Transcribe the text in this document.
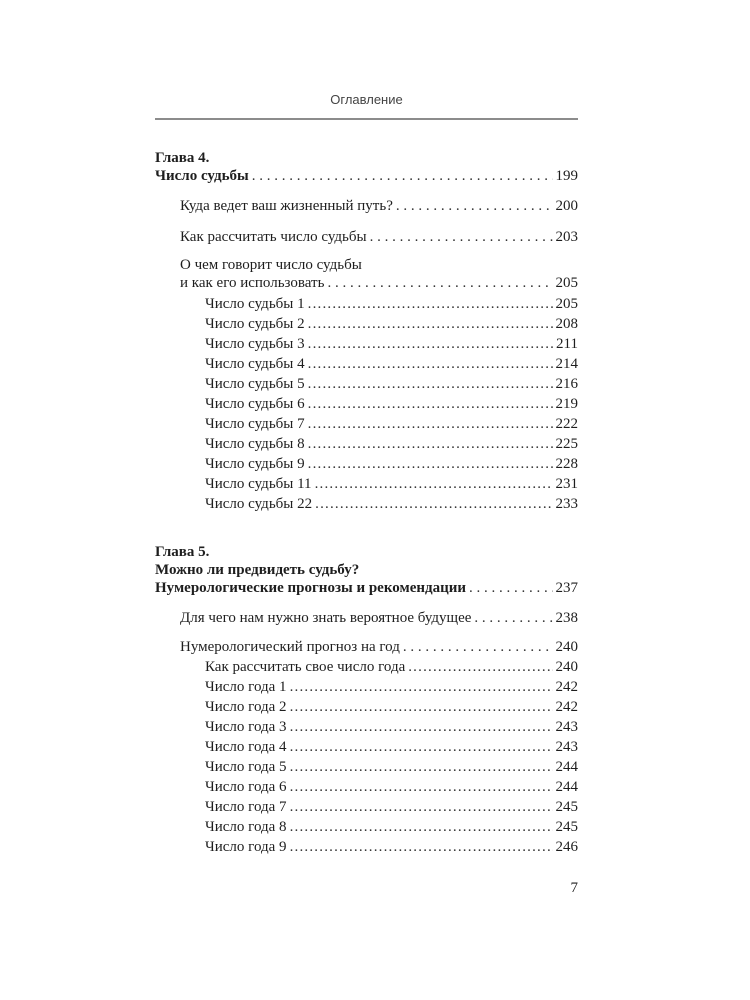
Оглавление
Глава 4.
Число судьбы . . .	199
Куда ведет ваш жизненный путь? . . .	200
Как рассчитать число судьбы . . .	203
О чем говорит число судьбы
и как его использовать . . .	205
Число судьбы 1 .....	205
Число судьбы 2 .....	208
Число судьбы 3 .....	211
Число судьбы 4 .....	214
Число судьбы 5 .....	216
Число судьбы 6 .....	219
Число судьбы 7 .....	222
Число судьбы 8 .....	225
Число судьбы 9 .....	228
Число судьбы 11 .....	231
Число судьбы 22 .....	233
Глава 5.
Можно ли предвидеть судьбу?
Нумерологические прогнозы и рекомендации . . .	237
Для чего нам нужно знать вероятное будущее . . .	238
Нумерологический прогноз на год . . .	240
Как рассчитать свое число года .....	240
Число года 1 .....	242
Число года 2 .....	242
Число года 3 .....	243
Число года 4 .....	243
Число года 5 .....	244
Число года 6 .....	244
Число года 7 .....	245
Число года 8 .....	245
Число года 9 .....	246
7
